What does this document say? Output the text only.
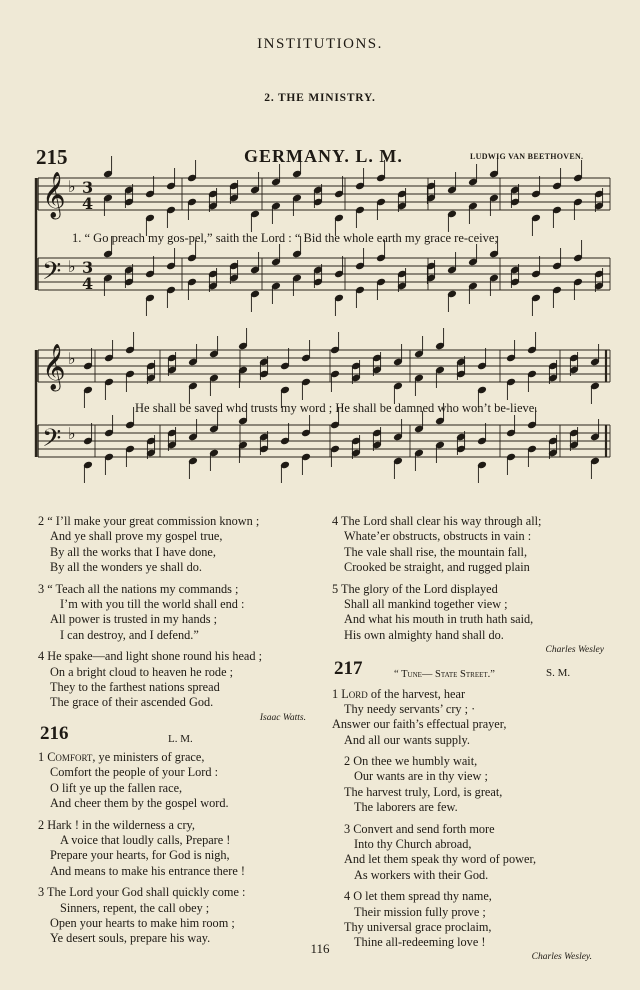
INSTITUTIONS.
2. THE MINISTRY.
215	GERMANY. L. M.	LUDWIG VAN BEETHOVEN.
𝄞
𝄢
♭
♭
3
4
3
4
𝄞
𝄢
♭
♭
1. “ Go preach my gos-pel,” saith the Lord : “ Bid the whole earth my grace re-ceive;
He shall be saved who trusts my word ; He shall be damned who won’t be-lieve.
2 “ I’ll make your great commission known ;
And ye shall prove my gospel true,
By all the works that I have done,
By all the wonders ye shall do.
3 “ Teach all the nations my commands ;
I’m with you till the world shall end :
All power is trusted in my hands ;
I can destroy, and I defend.”
4 He spake—and light shone round his head ;
On a bright cloud to heaven he rode ;
They to the farthest nations spread
The grace of their ascended God.
Isaac Watts.
216	L. M.
1 Comfort, ye ministers of grace,
Comfort the people of your Lord :
O lift ye up the fallen race,
And cheer them by the gospel word.
2 Hark ! in the wilderness a cry,
A voice that loudly calls, Prepare !
Prepare your hearts, for God is nigh,
And means to make his entrance there !
3 The Lord your God shall quickly come :
Sinners, repent, the call obey ;
Open your hearts to make him room ;
Ye desert souls, prepare his way.
4 The Lord shall clear his way through all;
Whate’er obstructs, obstructs in vain :
The vale shall rise, the mountain fall,
Crooked be straight, and rugged plain
5 The glory of the Lord displayed
Shall all mankind together view ;
And what his mouth in truth hath said,
His own almighty hand shall do.
Charles Wesley
217	“ Tune— State Street.”	S. M.
1 Lord of the harvest, hear
Thy needy servants’ cry ; ·
Answer our faith’s effectual prayer,
And all our wants supply.
2 On thee we humbly wait,
Our wants are in thy view ;
The harvest truly, Lord, is great,
The laborers are few.
3 Convert and send forth more
Into thy Church abroad,
And let them speak thy word of power,
As workers with their God.
4 O let them spread thy name,
Their mission fully prove ;
Thy universal grace proclaim,
Thine all-redeeming love !
Charles Wesley.
116
